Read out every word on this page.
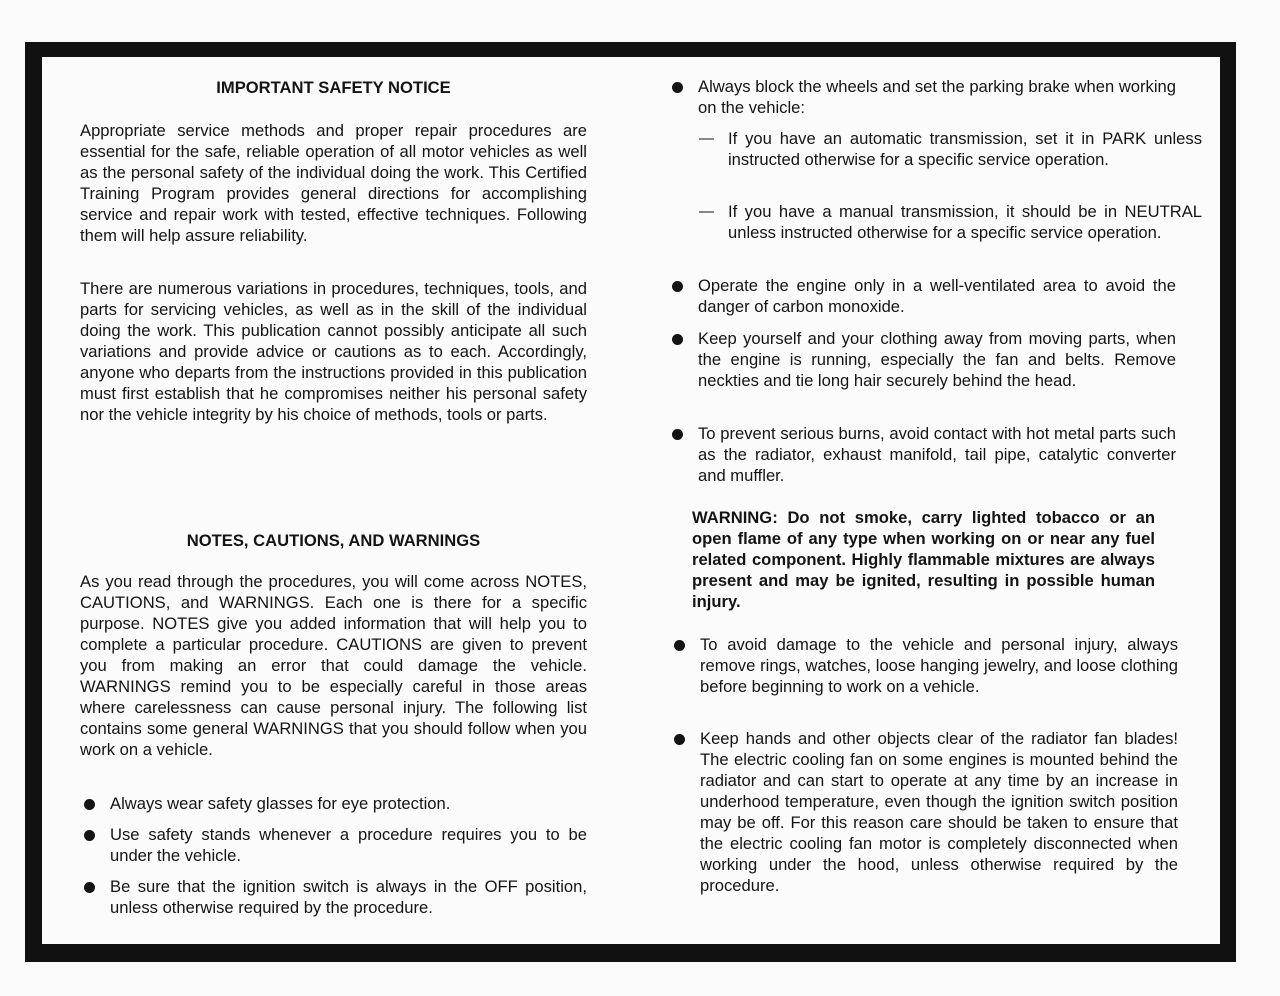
IMPORTANT SAFETY NOTICE

Appropriate service methods and proper repair procedures are essential for the safe, reliable operation of all motor vehicles as well as the personal safety of the individual doing the work. This Certified Training Program provides general directions for accomplishing service and repair work with tested, effective techniques. Following them will help assure reliability.

There are numerous variations in procedures, techniques, tools, and parts for servicing vehicles, as well as in the skill of the individual doing the work. This publication cannot possibly anticipate all such variations and provide advice or cautions as to each. Accordingly, anyone who departs from the instructions provided in this publication must first establish that he compromises neither his personal safety nor the vehicle integrity by his choice of methods, tools or parts.

NOTES, CAUTIONS, AND WARNINGS

As you read through the procedures, you will come across NOTES, CAUTIONS, and WARNINGS. Each one is there for a specific purpose. NOTES give you added information that will help you to complete a particular procedure. CAUTIONS are given to prevent you from making an error that could damage the vehicle. WARNINGS remind you to be especially careful in those areas where carelessness can cause personal injury. The following list contains some general WARNINGS that you should follow when you work on a vehicle.

Always wear safety glasses for eye protection.
Use safety stands whenever a procedure requires you to be under the vehicle.
Be sure that the ignition switch is always in the OFF position, unless otherwise required by the procedure.
Always block the wheels and set the parking brake when working on the vehicle:
— If you have an automatic transmission, set it in PARK unless instructed otherwise for a specific service operation.
— If you have a manual transmission, it should be in NEUTRAL unless instructed otherwise for a specific service operation.
Operate the engine only in a well-ventilated area to avoid the danger of carbon monoxide.
Keep yourself and your clothing away from moving parts, when the engine is running, especially the fan and belts. Remove neckties and tie long hair securely behind the head.
To prevent serious burns, avoid contact with hot metal parts such as the radiator, exhaust manifold, tail pipe, catalytic converter and muffler.
WARNING: Do not smoke, carry lighted tobacco or an open flame of any type when working on or near any fuel related component. Highly flammable mixtures are always present and may be ignited, resulting in possible human injury.
To avoid damage to the vehicle and personal injury, always remove rings, watches, loose hanging jewelry, and loose clothing before beginning to work on a vehicle.
Keep hands and other objects clear of the radiator fan blades! The electric cooling fan on some engines is mounted behind the radiator and can start to operate at any time by an increase in underhood temperature, even though the ignition switch position may be off. For this reason care should be taken to ensure that the electric cooling fan motor is completely disconnected when working under the hood, unless otherwise required by the procedure.
